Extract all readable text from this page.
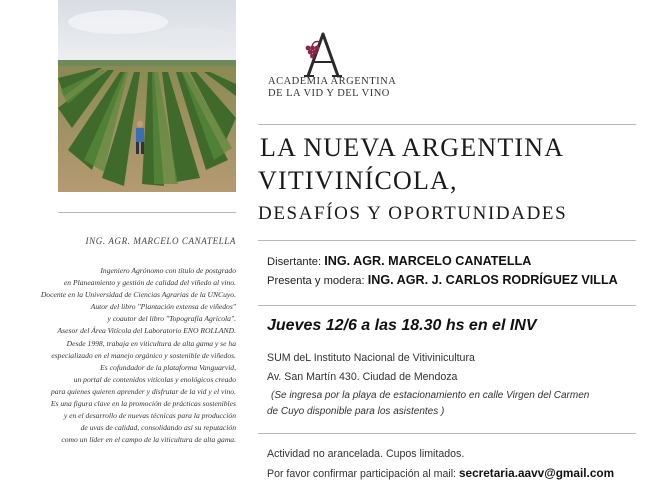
ING. AGR. MARCELO CANATELLA
Ingeniero Agrónomo con título de postgrado
en Planeamiento y gestión de calidad del viñedo al vino.
Docente en la Universidad de Ciencias Agrarias de la UNCuyo.
Autor del libro "Plantación extensa de viñedos"
y coautor del libro "Topografía Agrícola".
Asesor del Área Vitícola del Laboratorio ENO ROLLAND.
Desde 1998, trabaja en viticultura de alta gama y se ha
especializado en el manejo orgánico y sostenible de viñedos.
Es cofundador de la plataforma Vanguarvid,
un portal de contenidos vitícolas y enológicos creado
para quienes quieren aprender y disfrutar de la vid y el vino.
Es una figura clave en la promoción de prácticas sostenibles
y en el desarrollo de nuevas técnicas para la producción
de uvas de calidad, consolidando así su reputación
como un líder en el campo de la viticultura de alta gama.
ACADEMIA ARGENTINA
DE LA VID Y DEL VINO
LA NUEVA ARGENTINA
VITIVINÍCOLA,
DESAFÍOS Y OPORTUNIDADES
Disertante: ING. AGR. MARCELO CANATELLA
Presenta y modera: ING. AGR. J. CARLOS RODRÍGUEZ VILLA
Jueves 12/6 a las 18.30 hs en el INV
SUM deL Instituto Nacional de Vitivinicultura
Av. San Martín 430. Ciudad de Mendoza
(Se ingresa por la playa de estacionamiento en calle Virgen del Carmen
de Cuyo disponible para los asistentes )
Actividad no arancelada. Cupos limitados.
Por favor confirmar participación al mail: secretaria.aavv@gmail.com
